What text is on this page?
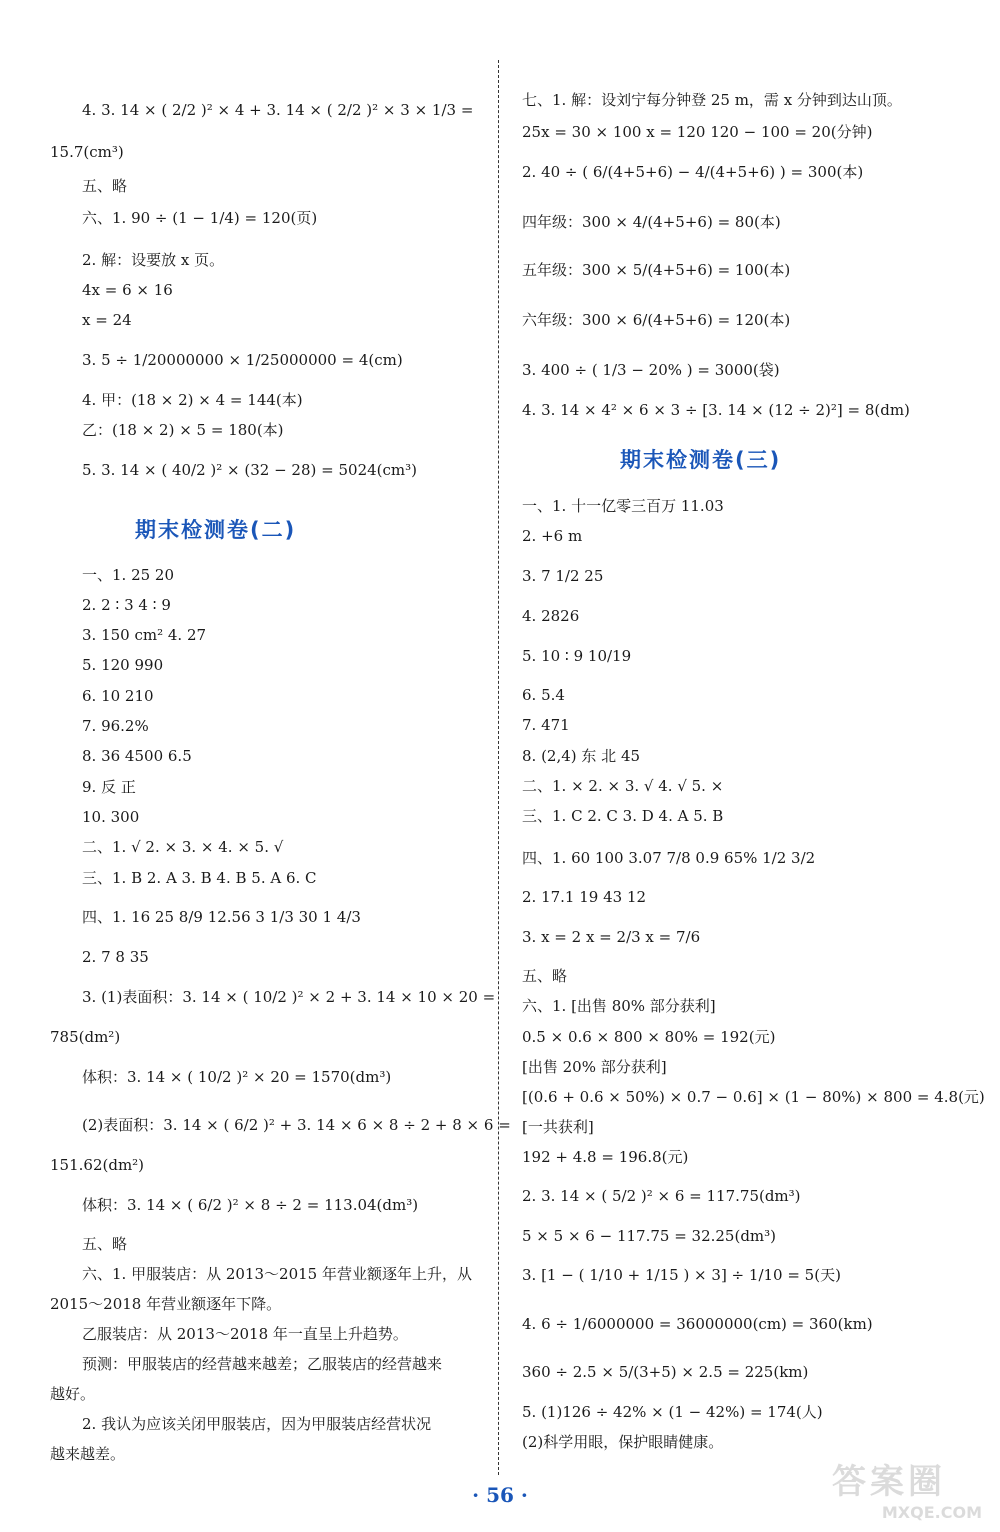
4. 3. 14 × ( 2/2 )² × 4 + 3. 14 × ( 2/2 )² × 3 × 1/3 =
15.7(cm³)
五、略
六、1. 90 ÷ (1 − 1/4) = 120(页)
2. 解：设要放 x 页。
4x = 6 × 16
x = 24
3. 5 ÷ 1/20000000 × 1/25000000 = 4(cm)
4. 甲：(18 × 2) × 4 = 144(本)
乙：(18 × 2) × 5 = 180(本)
5. 3. 14 × ( 40/2 )² × (32 − 28) = 5024(cm³)
一、1. 25 20
2. 2 ∶ 3 4 ∶ 9
3. 150 cm² 4. 27
5. 120 990
6. 10 210
7. 96.2%
8. 36 4500 6.5
9. 反 正
10. 300
二、1. √ 2. × 3. × 4. × 5. √
三、1. B 2. A 3. B 4. B 5. A 6. C
四、1. 16 25 8/9 12.56 3 1/3 30 1 4/3
2. 7 8 35
3. (1)表面积：3. 14 × ( 10/2 )² × 2 + 3. 14 × 10 × 20 =
785(dm²)
体积：3. 14 × ( 10/2 )² × 20 = 1570(dm³)
(2)表面积：3. 14 × ( 6/2 )² + 3. 14 × 6 × 8 ÷ 2 + 8 × 6 =
151.62(dm²)
体积：3. 14 × ( 6/2 )² × 8 ÷ 2 = 113.04(dm³)
五、略
六、1. 甲服装店：从 2013～2015 年营业额逐年上升，从
2015～2018 年营业额逐年下降。
乙服装店：从 2013～2018 年一直呈上升趋势。
预测：甲服装店的经营越来越差；乙服装店的经营越来
越好。
2. 我认为应该关闭甲服装店，因为甲服装店经营状况
越来越差。
七、1. 解：设刘宁每分钟登 25 m，需 x 分钟到达山顶。
25x = 30 × 100 x = 120 120 − 100 = 20(分钟)
2. 40 ÷ ( 6/(4+5+6) − 4/(4+5+6) ) = 300(本)
四年级：300 × 4/(4+5+6) = 80(本)
五年级：300 × 5/(4+5+6) = 100(本)
六年级：300 × 6/(4+5+6) = 120(本)
3. 400 ÷ ( 1/3 − 20% ) = 3000(袋)
4. 3. 14 × 4² × 6 × 3 ÷ [3. 14 × (12 ÷ 2)²] = 8(dm)
一、1. 十一亿零三百万 11.03
2. +6 m
3. 7 1/2 25
4. 2826
5. 10 ∶ 9 10/19
6. 5.4
7. 471
8. (2,4) 东 北 45
二、1. × 2. × 3. √ 4. √ 5. ×
三、1. C 2. C 3. D 4. A 5. B
四、1. 60 100 3.07 7/8 0.9 65% 1/2 3/2
2. 17.1 19 43 12
3. x = 2 x = 2/3 x = 7/6
五、略
六、1. [出售 80% 部分获利]
0.5 × 0.6 × 800 × 80% = 192(元)
[出售 20% 部分获利]
[(0.6 + 0.6 × 50%) × 0.7 − 0.6] × (1 − 80%) × 800 = 4.8(元)
[一共获利]
192 + 4.8 = 196.8(元)
2. 3. 14 × ( 5/2 )² × 6 = 117.75(dm³)
5 × 5 × 6 − 117.75 = 32.25(dm³)
3. [1 − ( 1/10 + 1/15 ) × 3] ÷ 1/10 = 5(天)
4. 6 ÷ 1/6000000 = 36000000(cm) = 360(km)
360 ÷ 2.5 × 5/(3+5) × 2.5 = 225(km)
5. (1)126 ÷ 42% × (1 − 42%) = 174(人)
(2)科学用眼，保护眼睛健康。
期末检测卷(二)
期末检测卷(三)
· 56 ·	答案圈
MXQE.COM
